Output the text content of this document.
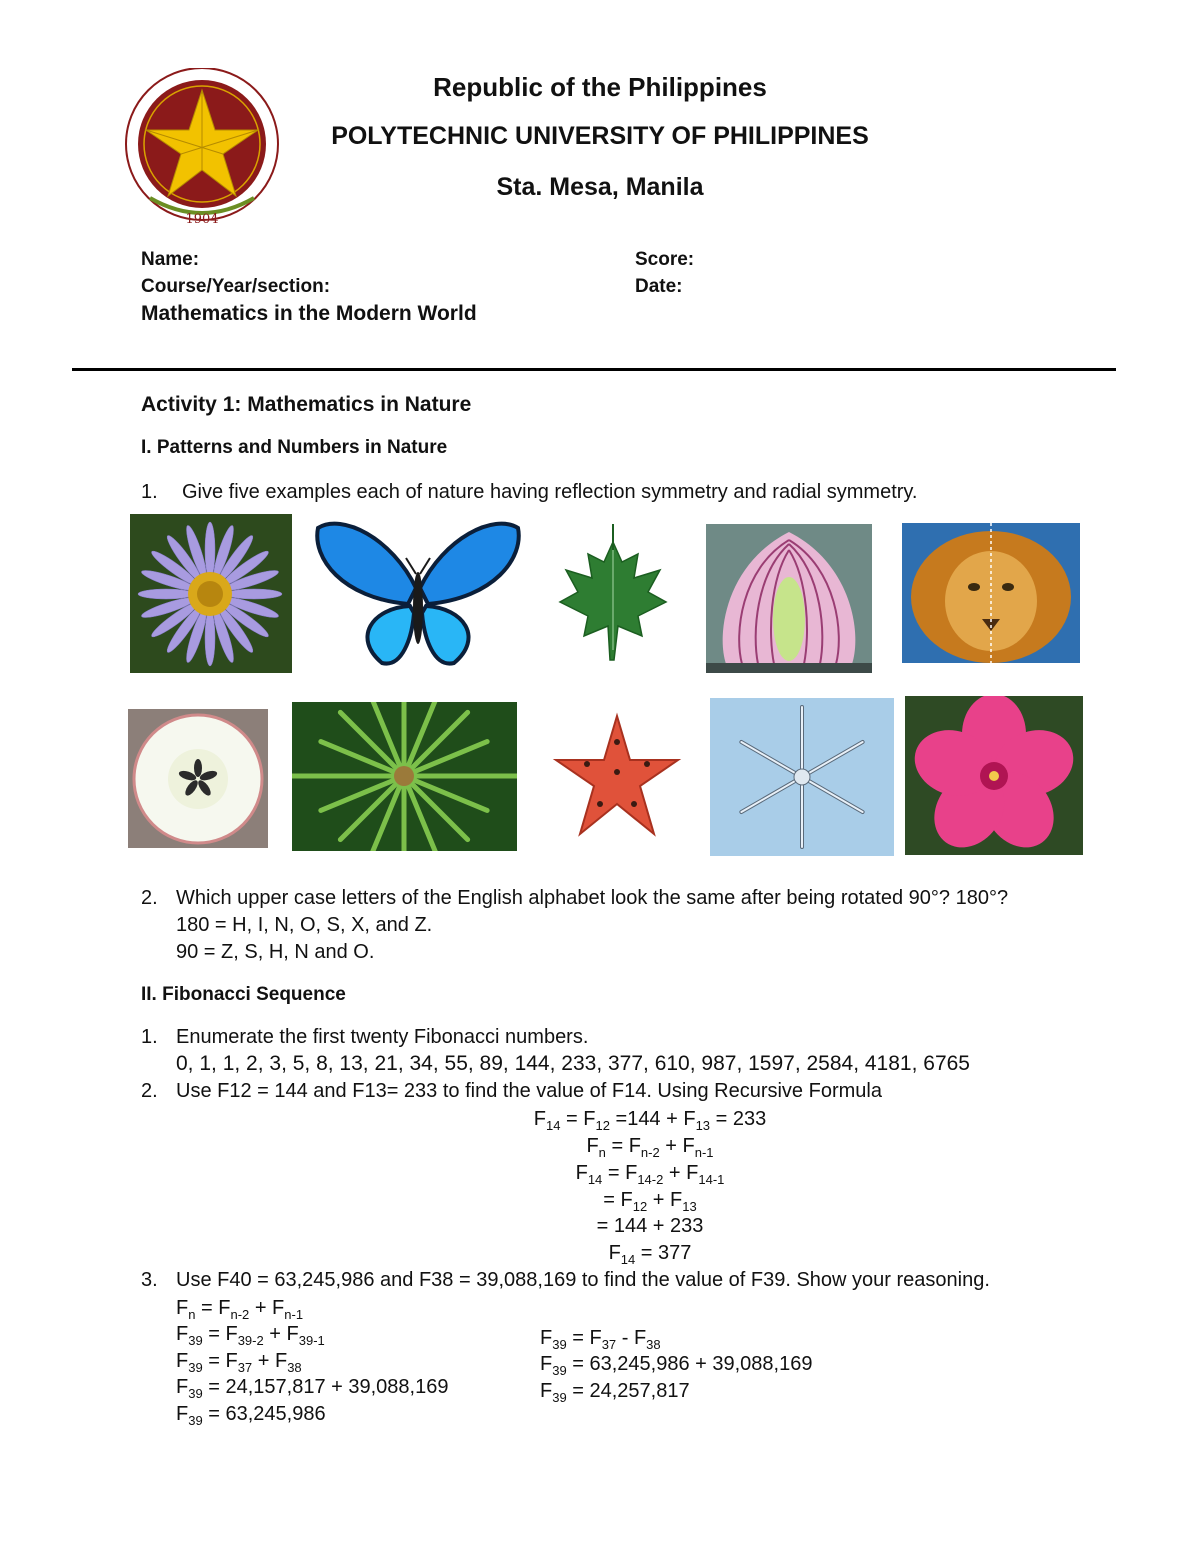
1904
Republic of the Philippines
POLYTECHNIC UNIVERSITY OF PHILIPPINES
Sta. Mesa, Manila
Name:
Course/Year/section:
Mathematics in the Modern World
Score:
Date:
Activity 1: Mathematics in Nature
I. Patterns and Numbers in Nature
1. Give five examples each of nature having reflection symmetry and radial symmetry.
2. Which upper case letters of the English alphabet look the same after being rotated 90°? 180°?
180 = H, I, N, O, S, X, and Z.
90 = Z, S, H, N and O.
II. Fibonacci Sequence
1. Enumerate the first twenty Fibonacci numbers.
0, 1, 1, 2, 3, 5, 8, 13, 21, 34, 55, 89, 144, 233, 377, 610, 987, 1597, 2584, 4181, 6765
2. Use F12 = 144 and F13= 233 to find the value of F14. Using Recursive Formula
$F_{14} = F_{12} =144 + F_{13} = 233$
$F_n = F_{n-2} + F_{n-1}$
$F_{14} = F_{14-2} + F_{14-1}$
= $F_{12} + F_{13}$
= 144 + 233
$F_{14} = 377$
3. Use F40 = 63,245,986 and F38 = 39,088,169 to find the value of F39. Show your reasoning.
$F_n = F_{n-2} + F_{n-1}$
$F_{39} = F_{39-2} + F_{39-1}$
$F_{39} = F_{37} + F_{38}$
$F_{39} = 24,157,817 + 39,088,169$
$F_{39} = 63,245,986$
$F_{39} = F_{37} - F_{38}$
$F_{39} = 63,245,986 + 39,088,169$
$F_{39} = 24,257,817$
